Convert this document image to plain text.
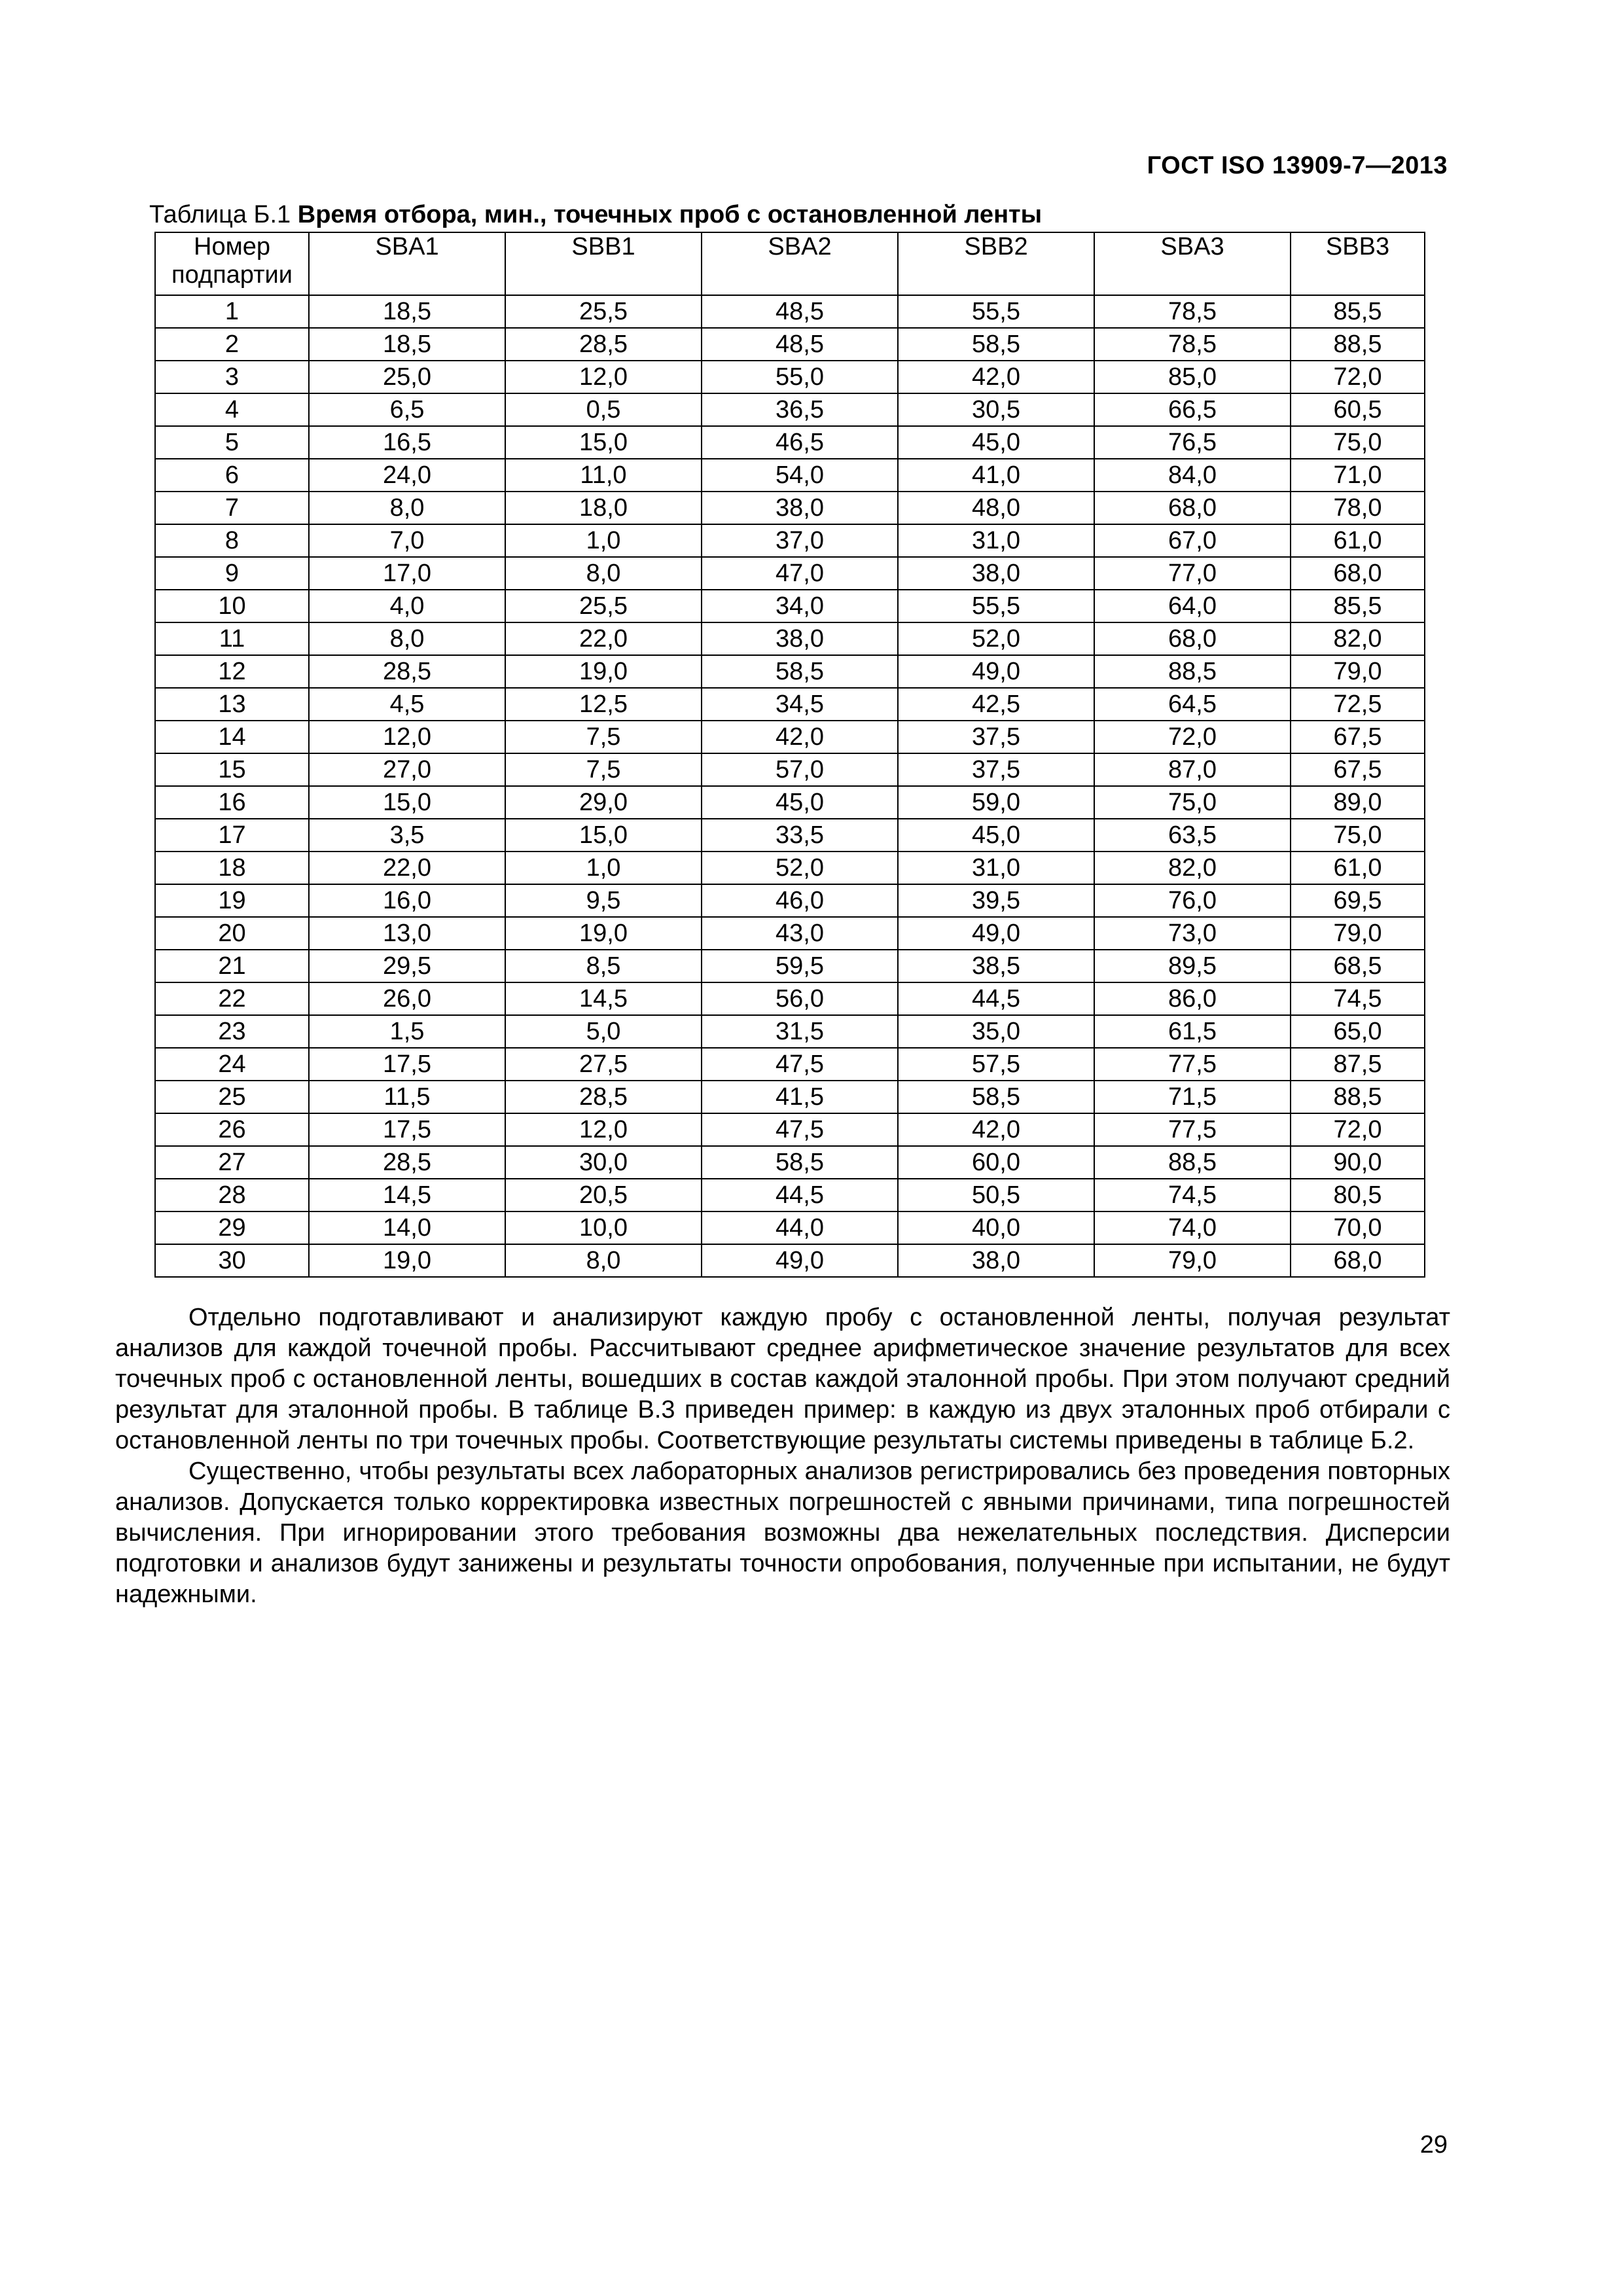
ГОСТ ISO 13909-7—2013
Таблица Б.1 Время отбора, мин., точечных проб с остановленной ленты
Номер подпартии	SBA1	SBB1	SBA2	SBB2	SBA3	SBB3
1	18,5	25,5	48,5	55,5	78,5	85,5
2	18,5	28,5	48,5	58,5	78,5	88,5
3	25,0	12,0	55,0	42,0	85,0	72,0
4	6,5	0,5	36,5	30,5	66,5	60,5
5	16,5	15,0	46,5	45,0	76,5	75,0
6	24,0	11,0	54,0	41,0	84,0	71,0
7	8,0	18,0	38,0	48,0	68,0	78,0
8	7,0	1,0	37,0	31,0	67,0	61,0
9	17,0	8,0	47,0	38,0	77,0	68,0
10	4,0	25,5	34,0	55,5	64,0	85,5
11	8,0	22,0	38,0	52,0	68,0	82,0
12	28,5	19,0	58,5	49,0	88,5	79,0
13	4,5	12,5	34,5	42,5	64,5	72,5
14	12,0	7,5	42,0	37,5	72,0	67,5
15	27,0	7,5	57,0	37,5	87,0	67,5
16	15,0	29,0	45,0	59,0	75,0	89,0
17	3,5	15,0	33,5	45,0	63,5	75,0
18	22,0	1,0	52,0	31,0	82,0	61,0
19	16,0	9,5	46,0	39,5	76,0	69,5
20	13,0	19,0	43,0	49,0	73,0	79,0
21	29,5	8,5	59,5	38,5	89,5	68,5
22	26,0	14,5	56,0	44,5	86,0	74,5
23	1,5	5,0	31,5	35,0	61,5	65,0
24	17,5	27,5	47,5	57,5	77,5	87,5
25	11,5	28,5	41,5	58,5	71,5	88,5
26	17,5	12,0	47,5	42,0	77,5	72,0
27	28,5	30,0	58,5	60,0	88,5	90,0
28	14,5	20,5	44,5	50,5	74,5	80,5
29	14,0	10,0	44,0	40,0	74,0	70,0
30	19,0	8,0	49,0	38,0	79,0	68,0

Отдельно подготавливают и анализируют каждую пробу с остановленной ленты, получая результат анализов для каждой точечной пробы. Рассчитывают среднее арифметическое значение результатов для всех точечных проб с остановленной ленты, вошедших в состав каждой эталонной пробы. При этом получают средний результат для эталонной пробы. В таблице В.3 приведен пример: в каждую из двух эталонных проб отбирали с остановленной ленты по три точечных пробы. Соответствующие результаты системы приведены в таблице Б.2.

Существенно, чтобы результаты всех лабораторных анализов регистрировались без проведения повторных анализов. Допускается только корректировка известных погрешностей с явными причинами, типа погрешностей вычисления. При игнорировании этого требования возможны два нежелательных последствия. Дисперсии подготовки и анализов будут занижены и результаты точности опробования, полученные при испытании, не будут надежными.

29
